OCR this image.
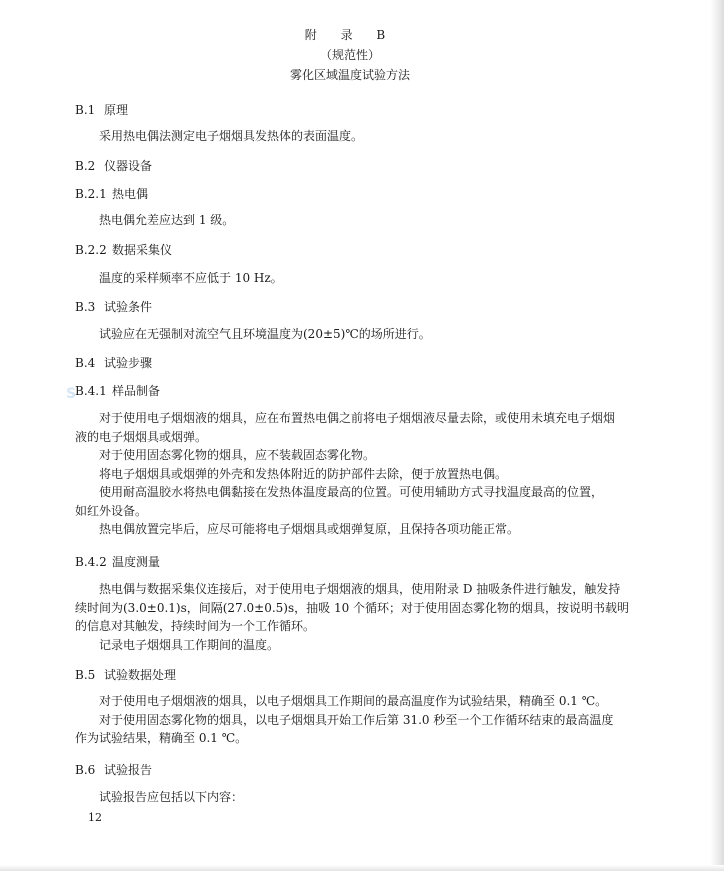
S
附 录 B
（规范性）
雾化区域温度试验方法
B.1 原理
采用热电偶法测定电子烟烟具发热体的表面温度。
B.2 仪器设备
B.2.1 热电偶
热电偶允差应达到 1 级。
B.2.2 数据采集仪
温度的采样频率不应低于 10 Hz。
B.3 试验条件
试验应在无强制对流空气且环境温度为(20±5)℃的场所进行。
B.4 试验步骤
B.4.1 样品制备
对于使用电子烟烟液的烟具，应在布置热电偶之前将电子烟烟液尽量去除，或使用未填充电子烟烟
液的电子烟烟具或烟弹。
对于使用固态雾化物的烟具，应不装载固态雾化物。
将电子烟烟具或烟弹的外壳和发热体附近的防护部件去除，便于放置热电偶。
使用耐高温胶水将热电偶黏接在发热体温度最高的位置。可使用辅助方式寻找温度最高的位置，
如红外设备。
热电偶放置完毕后，应尽可能将电子烟烟具或烟弹复原，且保持各项功能正常。
B.4.2 温度测量
热电偶与数据采集仪连接后，对于使用电子烟烟液的烟具，使用附录 D 抽吸条件进行触发，触发持
续时间为(3.0±0.1)s，间隔(27.0±0.5)s，抽吸 10 个循环；对于使用固态雾化物的烟具，按说明书载明
的信息对其触发，持续时间为一个工作循环。
记录电子烟烟具工作期间的温度。
B.5 试验数据处理
对于使用电子烟烟液的烟具，以电子烟烟具工作期间的最高温度作为试验结果，精确至 0.1 ℃。
对于使用固态雾化物的烟具，以电子烟烟具开始工作后第 31.0 秒至一个工作循环结束的最高温度
作为试验结果，精确至 0.1 ℃。
B.6 试验报告
试验报告应包括以下内容：
12
